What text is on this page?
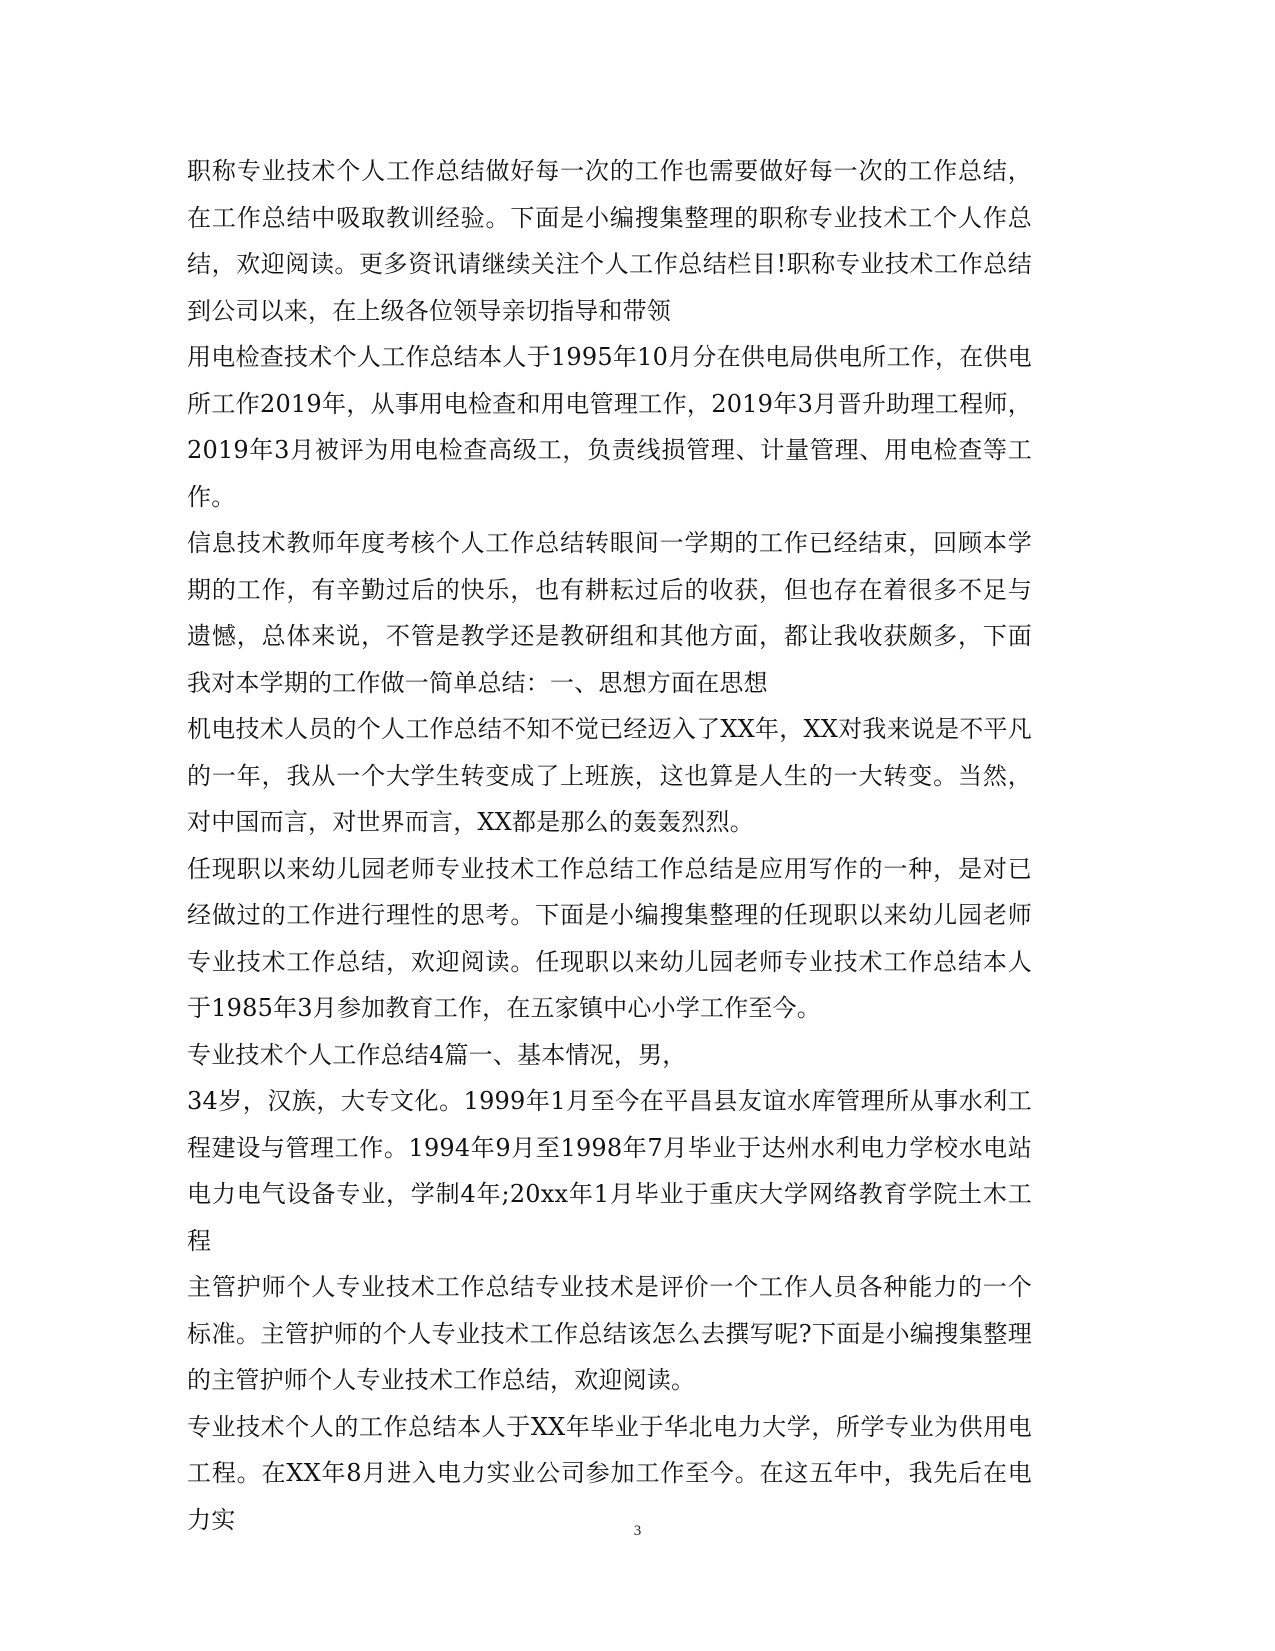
职称专业技术个人工作总结做好每一次的工作也需要做好每一次的工作总结，在工作总结中吸取教训经验。下面是小编搜集整理的职称专业技术工个人作总结，欢迎阅读。更多资讯请继续关注个人工作总结栏目!职称专业技术工作总结到公司以来，在上级各位领导亲切指导和带领

用电检查技术个人工作总结本人于1995年10月分在供电局供电所工作，在供电所工作2019年，从事用电检查和用电管理工作，2019年3月晋升助理工程师，2019年3月被评为用电检查高级工，负责线损管理、计量管理、用电检查等工作。

信息技术教师年度考核个人工作总结转眼间一学期的工作已经结束，回顾本学期的工作，有辛勤过后的快乐，也有耕耘过后的收获，但也存在着很多不足与遗憾，总体来说，不管是教学还是教研组和其他方面，都让我收获颇多，下面我对本学期的工作做一简单总结：一、思想方面在思想

机电技术人员的个人工作总结不知不觉已经迈入了XX年，XX对我来说是不平凡的一年，我从一个大学生转变成了上班族，这也算是人生的一大转变。当然，对中国而言，对世界而言，XX都是那么的轰轰烈烈。

任现职以来幼儿园老师专业技术工作总结工作总结是应用写作的一种，是对已经做过的工作进行理性的思考。下面是小编搜集整理的任现职以来幼儿园老师专业技术工作总结，欢迎阅读。任现职以来幼儿园老师专业技术工作总结本人于1985年3月参加教育工作，在五家镇中心小学工作至今。

专业技术个人工作总结4篇一、基本情况，男，

34岁，汉族，大专文化。1999年1月至今在平昌县友谊水库管理所从事水利工程建设与管理工作。1994年9月至1998年7月毕业于达州水利电力学校水电站电力电气设备专业，学制4年;20xx年1月毕业于重庆大学网络教育学院土木工程

主管护师个人专业技术工作总结专业技术是评价一个工作人员各种能力的一个标准。主管护师的个人专业技术工作总结该怎么去撰写呢?下面是小编搜集整理的主管护师个人专业技术工作总结，欢迎阅读。

专业技术个人的工作总结本人于XX年毕业于华北电力大学，所学专业为供用电工程。在XX年8月进入电力实业公司参加工作至今。在这五年中，我先后在电力实	3
